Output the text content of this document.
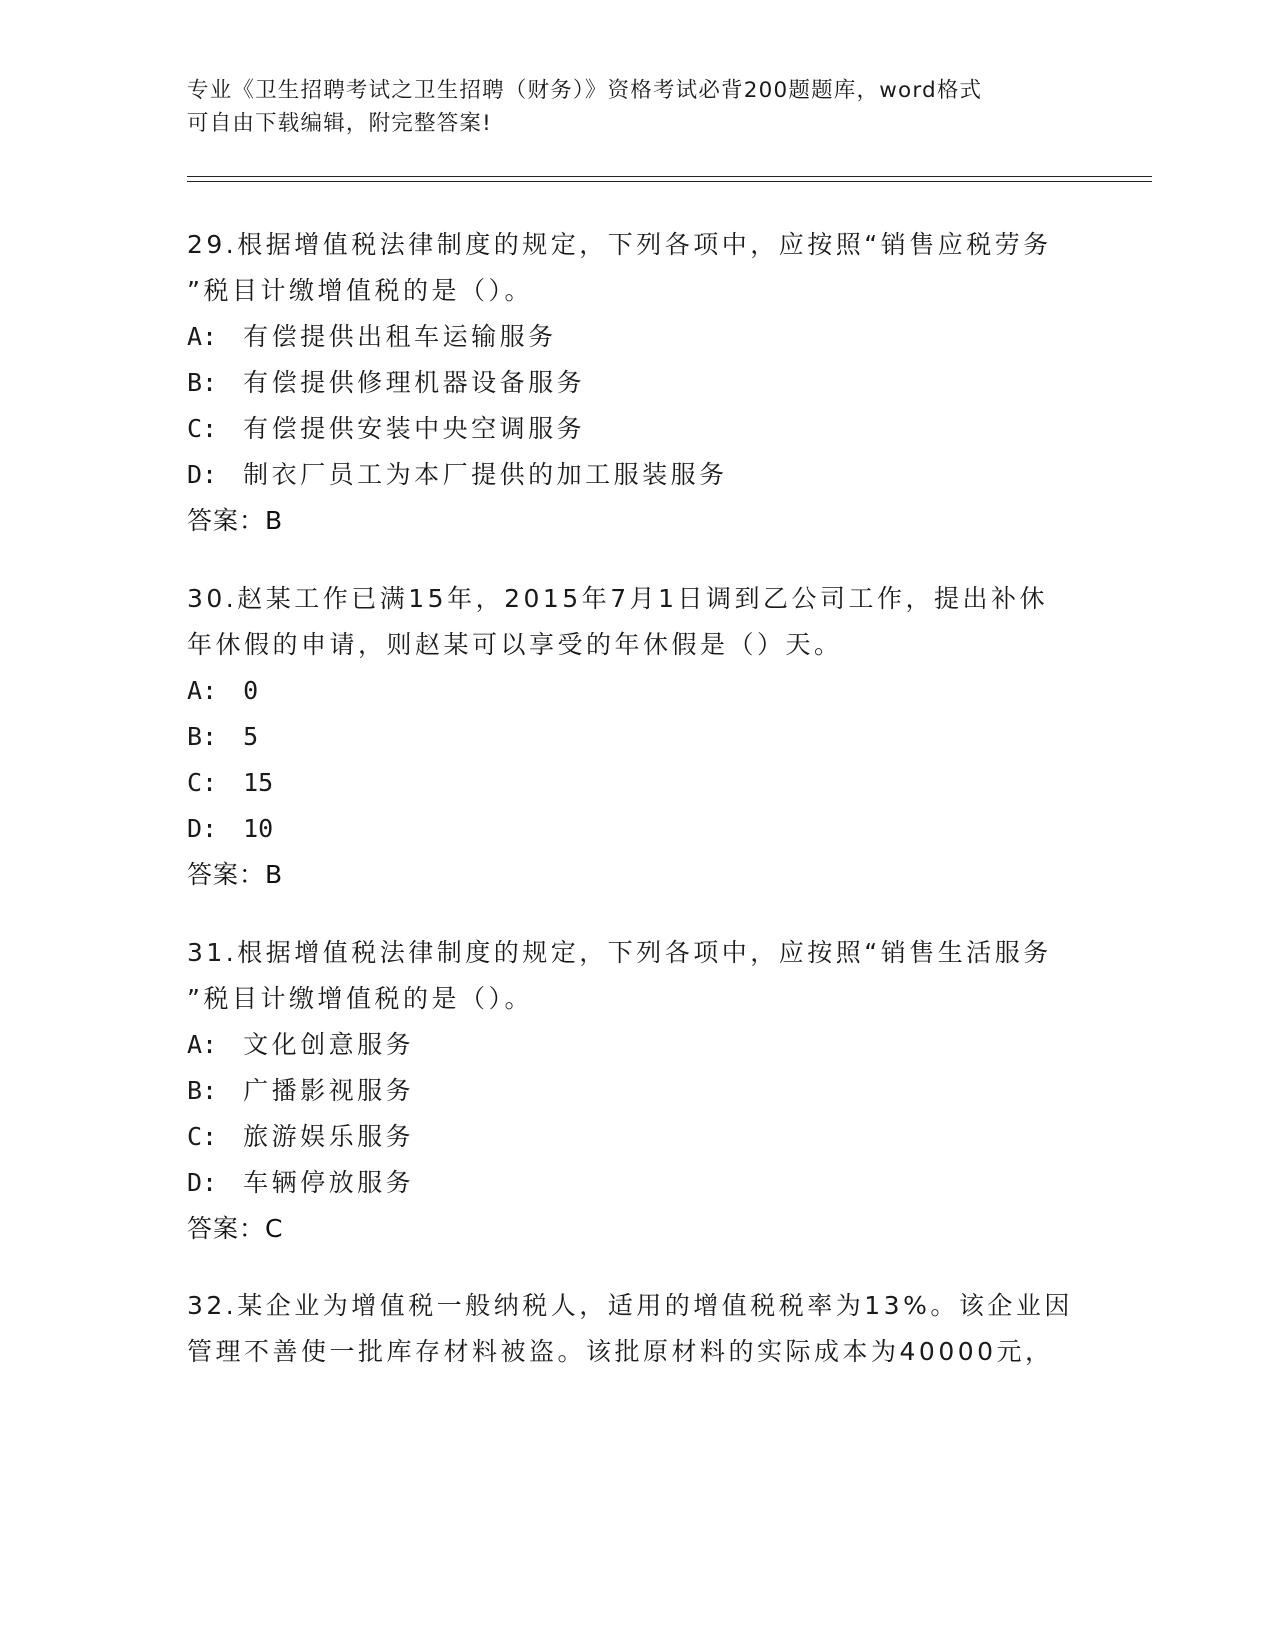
专业《卫生招聘考试之卫生招聘（财务）》资格考试必背200题题库，word格式
可自由下载编辑，附完整答案!
29.根据增值税法律制度的规定，下列各项中，应按照“销售应税劳务
”税目计缴增值税的是（）。
A: 有偿提供出租车运输服务
B: 有偿提供修理机器设备服务
C: 有偿提供安装中央空调服务
D: 制衣厂员工为本厂提供的加工服装服务
答案：B
30.赵某工作已满15年，2015年7月1日调到乙公司工作，提出补休
年休假的申请，则赵某可以享受的年休假是（）天。
A: 0
B: 5
C: 15
D: 10
答案：B
31.根据增值税法律制度的规定，下列各项中，应按照“销售生活服务
”税目计缴增值税的是（）。
A: 文化创意服务
B: 广播影视服务
C: 旅游娱乐服务
D: 车辆停放服务
答案：C
32.某企业为增值税一般纳税人，适用的增值税税率为13%。该企业因
管理不善使一批库存材料被盗。该批原材料的实际成本为40000元，
